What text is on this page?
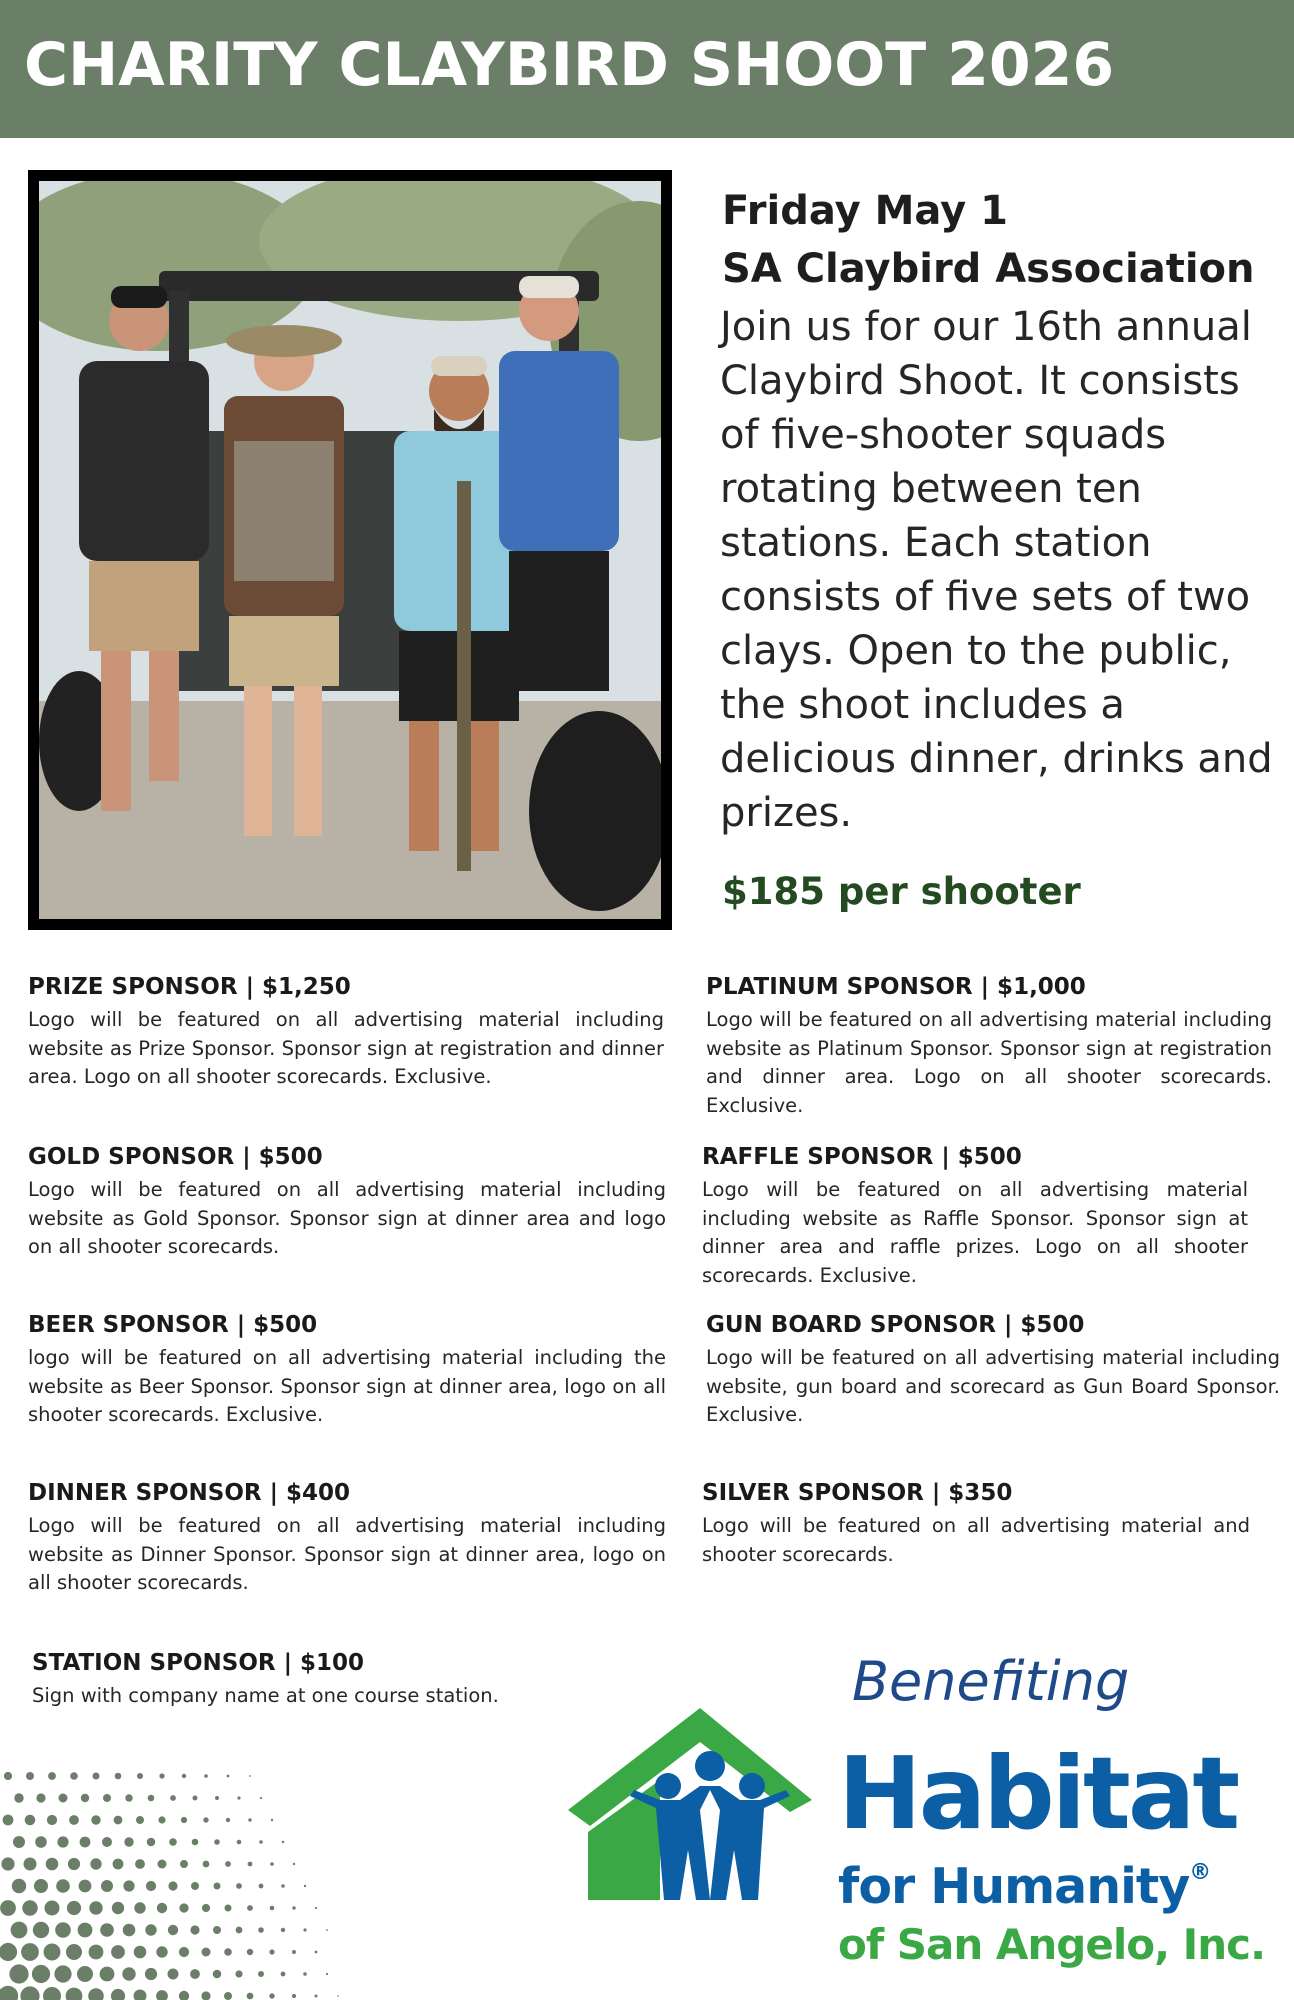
CHARITY CLAYBIRD SHOOT 2026
Friday May 1
SA Claybird Association
Join us for our 16th annual Claybird Shoot. It consists of five-shooter squads rotating between ten stations. Each station consists of five sets of two clays. Open to the public, the shoot includes a delicious dinner, drinks and prizes.
$185 per shooter
PRIZE SPONSOR | $1,250
Logo will be featured on all advertising material including website as Prize Sponsor. Sponsor sign at registration and dinner area. Logo on all shooter scorecards. Exclusive.
PLATINUM SPONSOR | $1,000
Logo will be featured on all advertising material including website as Platinum Sponsor. Sponsor sign at registration and dinner area. Logo on all shooter scorecards. Exclusive.
GOLD SPONSOR | $500
Logo will be featured on all advertising material including website as Gold Sponsor. Sponsor sign at dinner area and logo on all shooter scorecards.
RAFFLE SPONSOR | $500
Logo will be featured on all advertising material including website as Raffle Sponsor. Sponsor sign at dinner area and raffle prizes. Logo on all shooter scorecards. Exclusive.
BEER SPONSOR | $500
logo will be featured on all advertising material including the website as Beer Sponsor. Sponsor sign at dinner area, logo on all shooter scorecards. Exclusive.
GUN BOARD SPONSOR | $500
Logo will be featured on all advertising material including website, gun board and scorecard as Gun Board Sponsor. Exclusive.
DINNER SPONSOR | $400
Logo will be featured on all advertising material including website as Dinner Sponsor. Sponsor sign at dinner area, logo on all shooter scorecards.
SILVER SPONSOR | $350
Logo will be featured on all advertising material and shooter scorecards.
STATION SPONSOR | $100
Sign with company name at one course station.	Benefiting
Habitat
for Humanity®
of San Angelo, Inc.
